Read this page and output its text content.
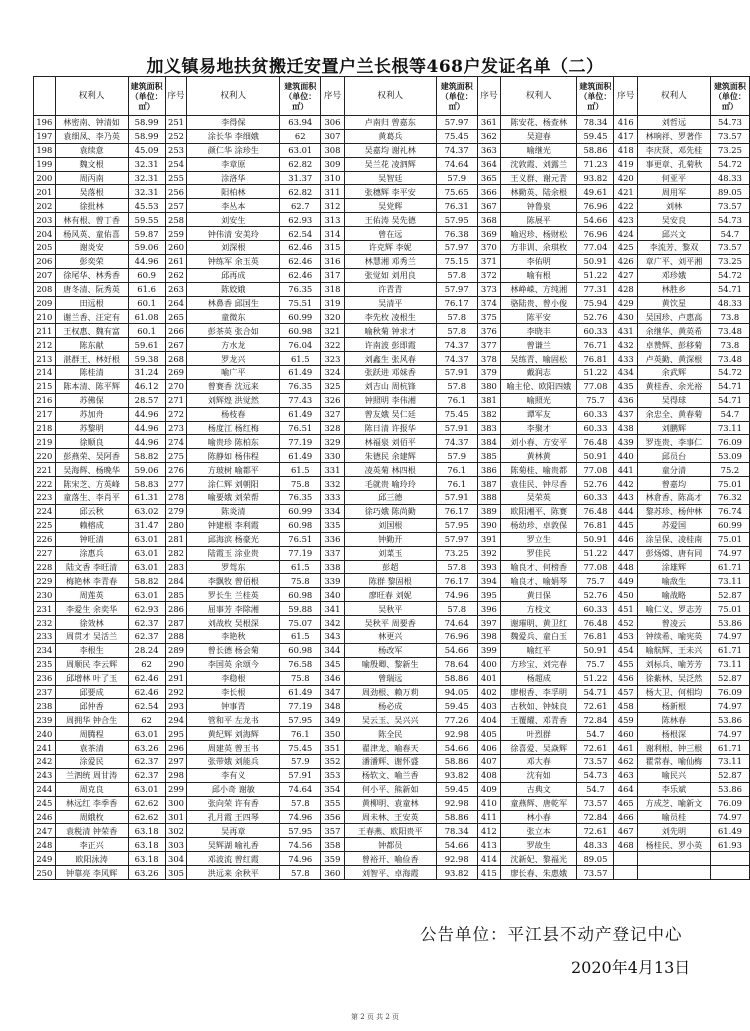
加义镇易地扶贫搬迁安置户兰长根等468户发证名单（二）
	权利人	建筑面积（单位：㎡）	序号	权利人	建筑面积（单位：㎡）	序号	权利人	建筑面积（单位：㎡）	序号	权利人	建筑面积（单位：㎡）	序号	权利人	建筑面积（单位：㎡）
196	林密南、钟清如	58.99	251	李得保	63.94	306	卢南归 曾嘉东	57.97	361	陈安花、杨查林	78.34	416	刘哲远	54.73
197	袁细凤、李乃英	58.99	252	涂长华 李细娥	62	307	黄葛兵	75.45	362	吴迎春	59.45	417	林响祥、罗著作	73.57
198	袁续意	45.09	253	颜仁华 涂珍生	63.01	308	吴嘉均 谢礼林	74.37	363	喻继光	58.86	418	李庆贤、邓先桂	73.25
199	魏文根	32.31	254	李章原	62.82	309	吴兰花 凌泗辉	74.64	364	沈敦霞、刘露兰	71.23	419	事更章、孔菊秋	54.72
200	周丙南	32.31	255	涂洛华	31.37	310	吴智廷	57.9	365	王义群、谢元青	93.82	420	何亚平	48.33
201	吴落根	32.31	256	阳柏林	62.82	311	张穗辉 李平安	75.65	366	林勤英、陆余根	49.61	421	周用军	89.05
202	徐批林	45.53	257	李丛本	62.7	312	吴党辉	76.31	367	钟鲁泉	76.96	422	刘林	73.57
203	林有根、曾丁香	59.55	258	刘安生	62.93	313	王佑涛 吴先德	57.95	368	陈展平	54.66	423	吴安良	54.73
204	杨风英、童佑喜	59.87	259	钟伟清 安美玲	62.54	314	曾在远	76.38	369	喻迟珍、杨财松	76.96	424	邱兴文	54.7
205	谢炎安	59.06	260	刘深根	62.46	315	许克辉 李妮	57.97	370	方非训、余琪枚	77.04	425	李流芳、黎双	73.57
206	彭奕荣	44.96	261	钟练军 余玉英	62.46	316	林慧湘 邓秀兰	75.15	371	李佑明	50.91	426	章广平、刘平湘	73.25
207	徐尾华、林秀香	60.9	262	邱再成	62.46	317	张觉如 刘用良	57.8	372	喻有根	51.22	427	邓珍娥	54.72
208	唐冬清、阮秀英	61.6	263	陈姣娥	76.35	318	许青青	57.97	373	林峥嵘、方纯湘	77.31	428	林胜乡	54.71
209	田远根	60.1	264	林鼻香 邱国生	75.51	319	吴清平	76.17	374	骆陆贵、曾小俊	75.94	429	黄饮星	48.33
210	谢兰香、汪定有	61.08	265	童微东	60.99	320	李先枚 凌根生	57.8	375	陈平安	52.76	430	吴国珍、卢惠高	73.8
211	王权惠、魏有富	60.1	266	彭茶英 张合如	60.98	321	喻秋菊 钟求才	57.8	376	李晓丰	60.33	431	余继华、黄英希	73.48
212	陈东献	59.61	267	方水龙	76.04	322	许南波 彭即霞	74.37	377	曾谦兰	76.71	432	卓赞辉、彭移菊	73.8
213	湛群王、林好根	59.38	268	罗龙兴	61.5	323	刘鑫生 张风春	74.37	378	吴练青、喻固松	76.81	433	卢英勤、黄深根	73.48
214	陈桂清	31.24	269	喻广平	61.49	324	张跃进 邓妹香	57.91	379	戴润志	51.22	434	余武辉	54.72
215	陈本清、陈平辉	46.12	270	曾赛香 沈远来	76.35	325	刘吉山 周杭锋	57.8	380	喻主伦、欧阳四娥	77.08	435	黄桂香、余光裕	54.71
216	苏佛保	28.57	271	刘辉煌 洪觉然	77.43	326	钟照明 李伟湘	76.1	381	喻照光	75.7	436	吴得球	54.71
217	苏加舟	44.96	272	杨枝春	61.49	327	曾友娥 吴仁廷	75.45	382	谭军友	60.33	437	余忠全、黄春菊	54.7
218	苏黎明	44.96	273	杨度江 杨红梅	76.51	328	陈日清 许报华	57.91	383	李聚才	60.33	438	刘鹏辉	73.11
219	徐顺良	44.96	274	喻贵珍 陈柏东	77.19	329	林福泉 刘佰平	74.37	384	刘小春、方安平	76.48	439	罗连贵、李事仁	76.09
220	彭燕荣、吴阿香	58.82	275	陈静如 杨伟程	61.49	330	朱德民 余建辉	57.9	385	黄林黄	50.91	440	邱员台	53.09
221	吴海辉、杨晚华	59.06	276	方玻树 喻都平	61.5	331	凌英菊 林四根	76.1	386	陈菊桂、喻贵都	77.08	441	童分清	75.2
222	陈宋芝、方英峰	58.83	277	涂仁辉 刘朝阳	75.8	332	毛就贵 喻玲玲	76.1	387	袁佳民、钟尽香	52.76	442	曾嘉均	75.01
223	童落生、李肖平	61.31	278	喻要娥 刘荣帮	76.35	333	邱三德	57.91	388	吴荣英	60.33	443	林倉香、陈高才	76.32
224	邱云秋	63.02	279	陈炎清	60.99	334	徐巧娥 陈尚勤	76.17	389	欧阳湘平、陈赛	76.48	444	黎苏珍、杨仲林	76.74
225	赖榕成	31.47	280	钟建根 李利霞	60.98	335	刘国根	57.95	390	杨幼珍、卓敦保	76.81	445	苏爱国	60.99
226	钟旺清	63.01	281	邱海滨 杨豪光	76.51	336	钟勤开	57.97	391	罗立生	50.91	446	涂呈保、凌桂南	75.01
227	涂惠兵	63.01	282	陆霞玉 涂业贵	77.19	337	刘菜玉	73.25	392	罗佳民	51.22	447	彭炀嫦、唐有同	74.97
228	陆文香 李旺清	63.01	283	罗驾东	61.5	338	彭超	57.8	393	喻良才、何榜香	77.08	448	涂雄辉	61.71
229	梅艳林 李青春	58.82	284	李飘牧 曾佰根	75.8	339	陈群 黎固根	76.17	394	喻良才、喻娟琴	75.7	449	喻敌生	73.11
230	周莲英	63.01	285	罗长生 兰桂英	60.98	340	廖旺春 刘妮	74.96	395	黄日保	52.76	450	喻战略	52.87
231	李爱生 余奕华	62.93	286	屈事芳 李除湘	59.88	341	吴秋平	57.8	396	方枝文	60.33	451	喻仁义、罗志芳	75.01
232	徐效林	62.37	287	刘战枚 吴根深	75.07	342	吴秋平 周要香	74.64	397	谢璀明、黄卫红	76.48	452	曾凌云	53.86
233	周贯才 吴活兰	62.37	288	李艳秋	61.5	343	林更兴	76.96	398	魏爱兵、童白玉	76.81	453	钟续希、喻宪英	74.97
234	李根生	28.24	289	曾长德 杨会菊	60.98	344	杨改军	54.66	399	喻红平	50.91	454	喻航辉、王未兴	61.71
235	周顺民 李云辉	62	290	李国英 余颂今	76.58	345	喻殷卿、黎新生	78.64	400	方珍宝、刘完春	75.7	455	刘标兵、喻芳芳	73.11
236	邱增林 叶了玉	62.46	291	李稳根	75.8	346	曾瑞远	58.86	401	杨超成	51.22	456	徐紫林、吴泛然	52.87
237	邱要成	62.46	292	李长根	61.49	347	周劲根、赖万莉	94.05	402	廖根香、李孚明	54.71	457	杨大卫、何相均	76.09
238	邱仲香	62.54	293	钟事青	77.19	348	杨必成	59.45	403	古秋如、钟妹良	72.61	458	杨新根	74.97
239	周拥华 钟合生	62	294	管和平 左龙书	57.95	349	吴云玉、吴兴兴	77.26	404	王覆耀、邓青香	72.84	459	陈林春	53.86
240	周腾程	63.01	295	黄纪辉 刘海辉	76.1	350	陈全民	92.98	405	叶烈群	54.7	460	杨根深	74.97
241	袁茶清	63.26	296	周建英 曾玉书	75.45	351	翟津龙、喻春天	54.66	406	徐喜爱、吴焱辉	72.61	461	谢利根、钟三根	61.71
242	涂爱民	62.37	297	张带娥 刘能兵	57.9	352	潘潘辉、谢怀盛	58.86	407	邓大春	73.57	462	瞿常春、喻仙梅	73.11
243	兰泗统 周甘涛	62.37	298	李有义	57.91	353	杨软文、喻兰香	93.82	408	沈有如	54.73	463	喻民兴	52.87
244	周克良	63.01	299	邱小奇 谢敏	74.64	354	何小平、熊新如	59.45	409	古典文	54.7	464	李乐斌	53.86
245	林远红 李季香	62.62	300	张向荣 许有香	57.8	355	黄柳明、袁童林	92.98	410	童燕辉、唐乾军	73.57	465	方成芝、喻新文	76.09
246	周娥枚	62.62	301	孔月霞 王四琴	74.96	356	周未林、王安英	58.86	411	林小春	72.84	466	喻员桂	74.97
247	袁税清 钟荣香	63.18	302	吴再章	57.95	357	王春燕、欧阳贵平	78.34	412	张立本	72.61	467	刘先明	61.49
248	李正兴	63.18	303	吴辉湖 喻礼香	74.56	358	钟都员	54.66	413	罗故生	48.33	468	杨桂民、罗小英	61.93
249	欧阳泳涛	63.18	304	邓波流 曾红霞	74.96	359	曾裕开、喻俭香	92.98	414	沈新妃、黎福光	89.05			
250	钟靠亮 李风辉	63.26	305	洪远来 余秋平	57.8	360	刘智平、卓海霞	93.82	415	廖长春、朱惠娥	73.57			
公告单位：平江县不动产登记中心
2020年4月13日
第 2 页 共 2 页
